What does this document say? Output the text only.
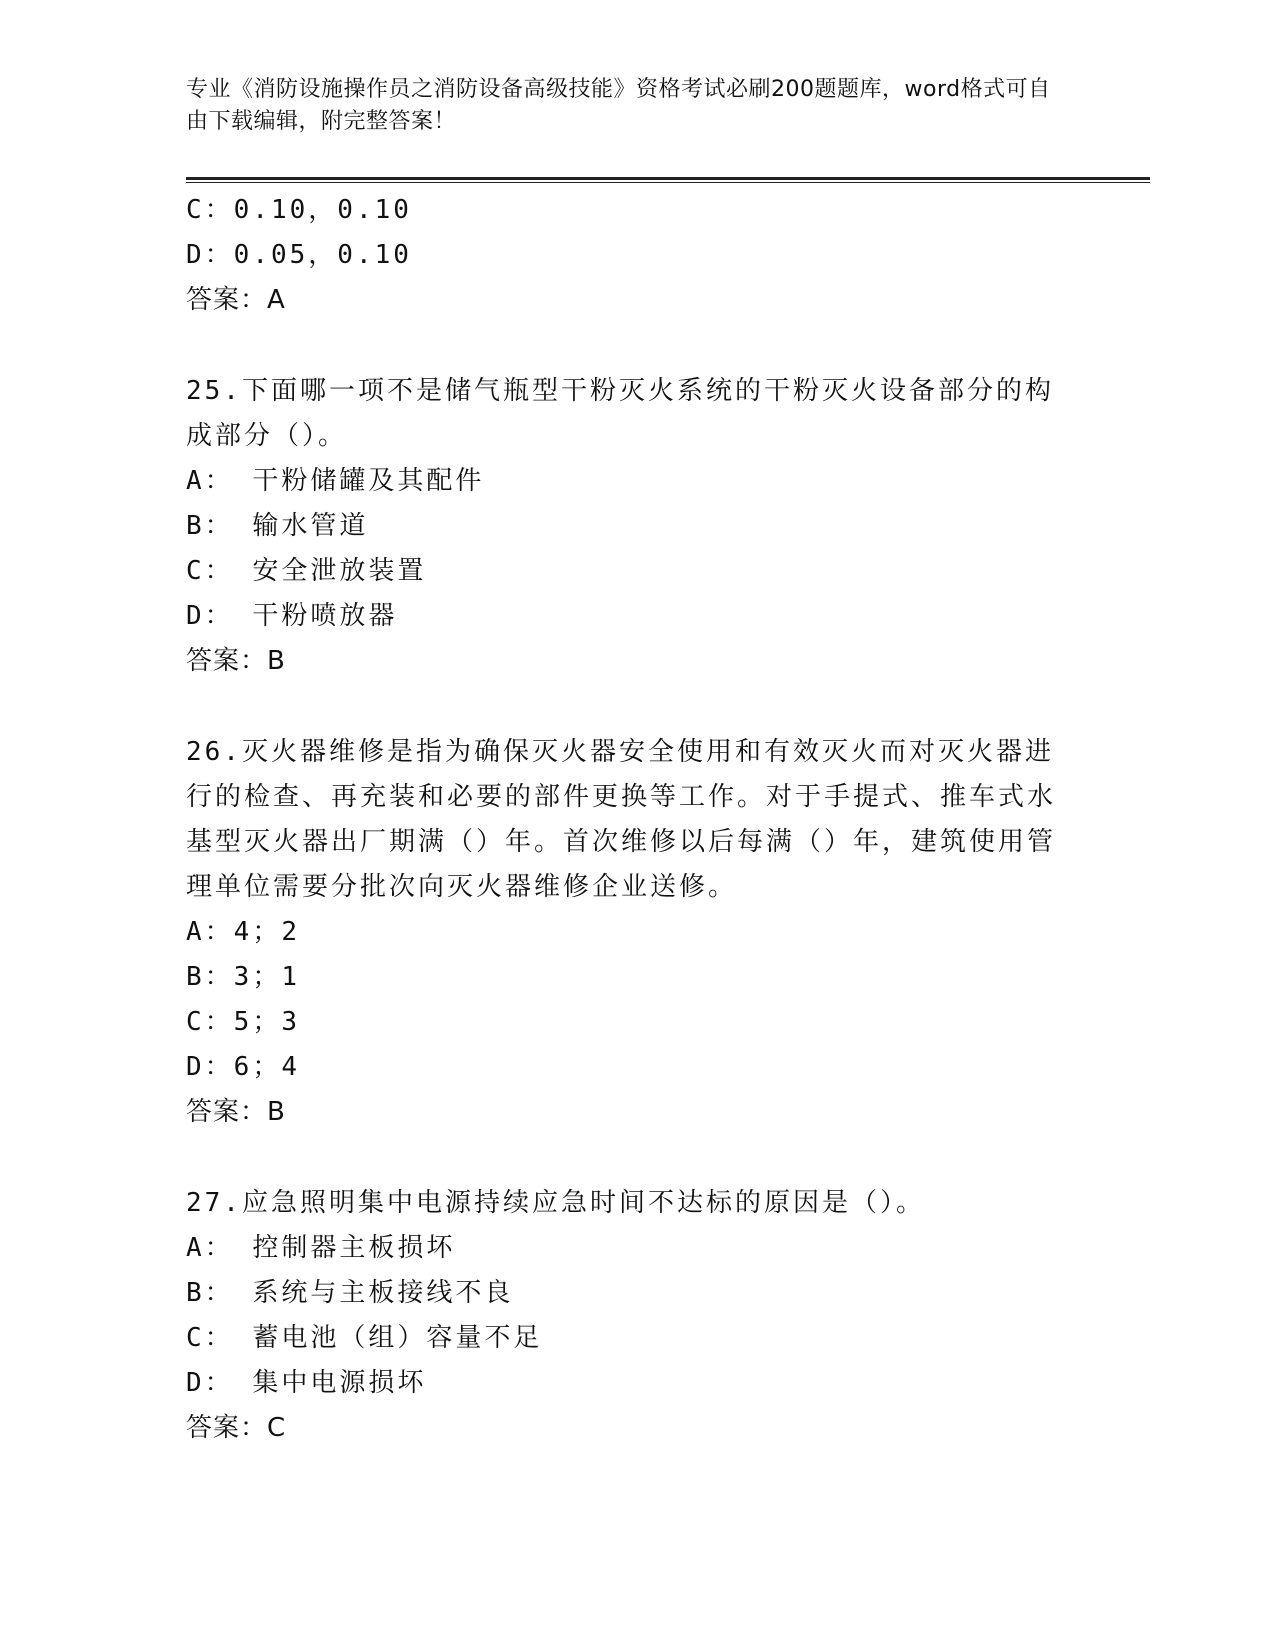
专业《消防设施操作员之消防设备高级技能》资格考试必刷200题题库，word格式可自由下载编辑，附完整答案！
C：0.10，0.10
D：0.05，0.10
答案：A
25.下面哪一项不是储气瓶型干粉灭火系统的干粉灭火设备部分的构成部分（）。
A： 干粉储罐及其配件
B： 输水管道
C： 安全泄放装置
D： 干粉喷放器
答案：B
26.灭火器维修是指为确保灭火器安全使用和有效灭火而对灭火器进行的检查、再充装和必要的部件更换等工作。对于手提式、推车式水基型灭火器出厂期满（）年。首次维修以后每满（）年，建筑使用管理单位需要分批次向灭火器维修企业送修。
A：4；2
B：3；1
C：5；3
D：6；4
答案：B
27.应急照明集中电源持续应急时间不达标的原因是（）。
A： 控制器主板损坏
B： 系统与主板接线不良
C： 蓄电池（组）容量不足
D： 集中电源损坏
答案：C
